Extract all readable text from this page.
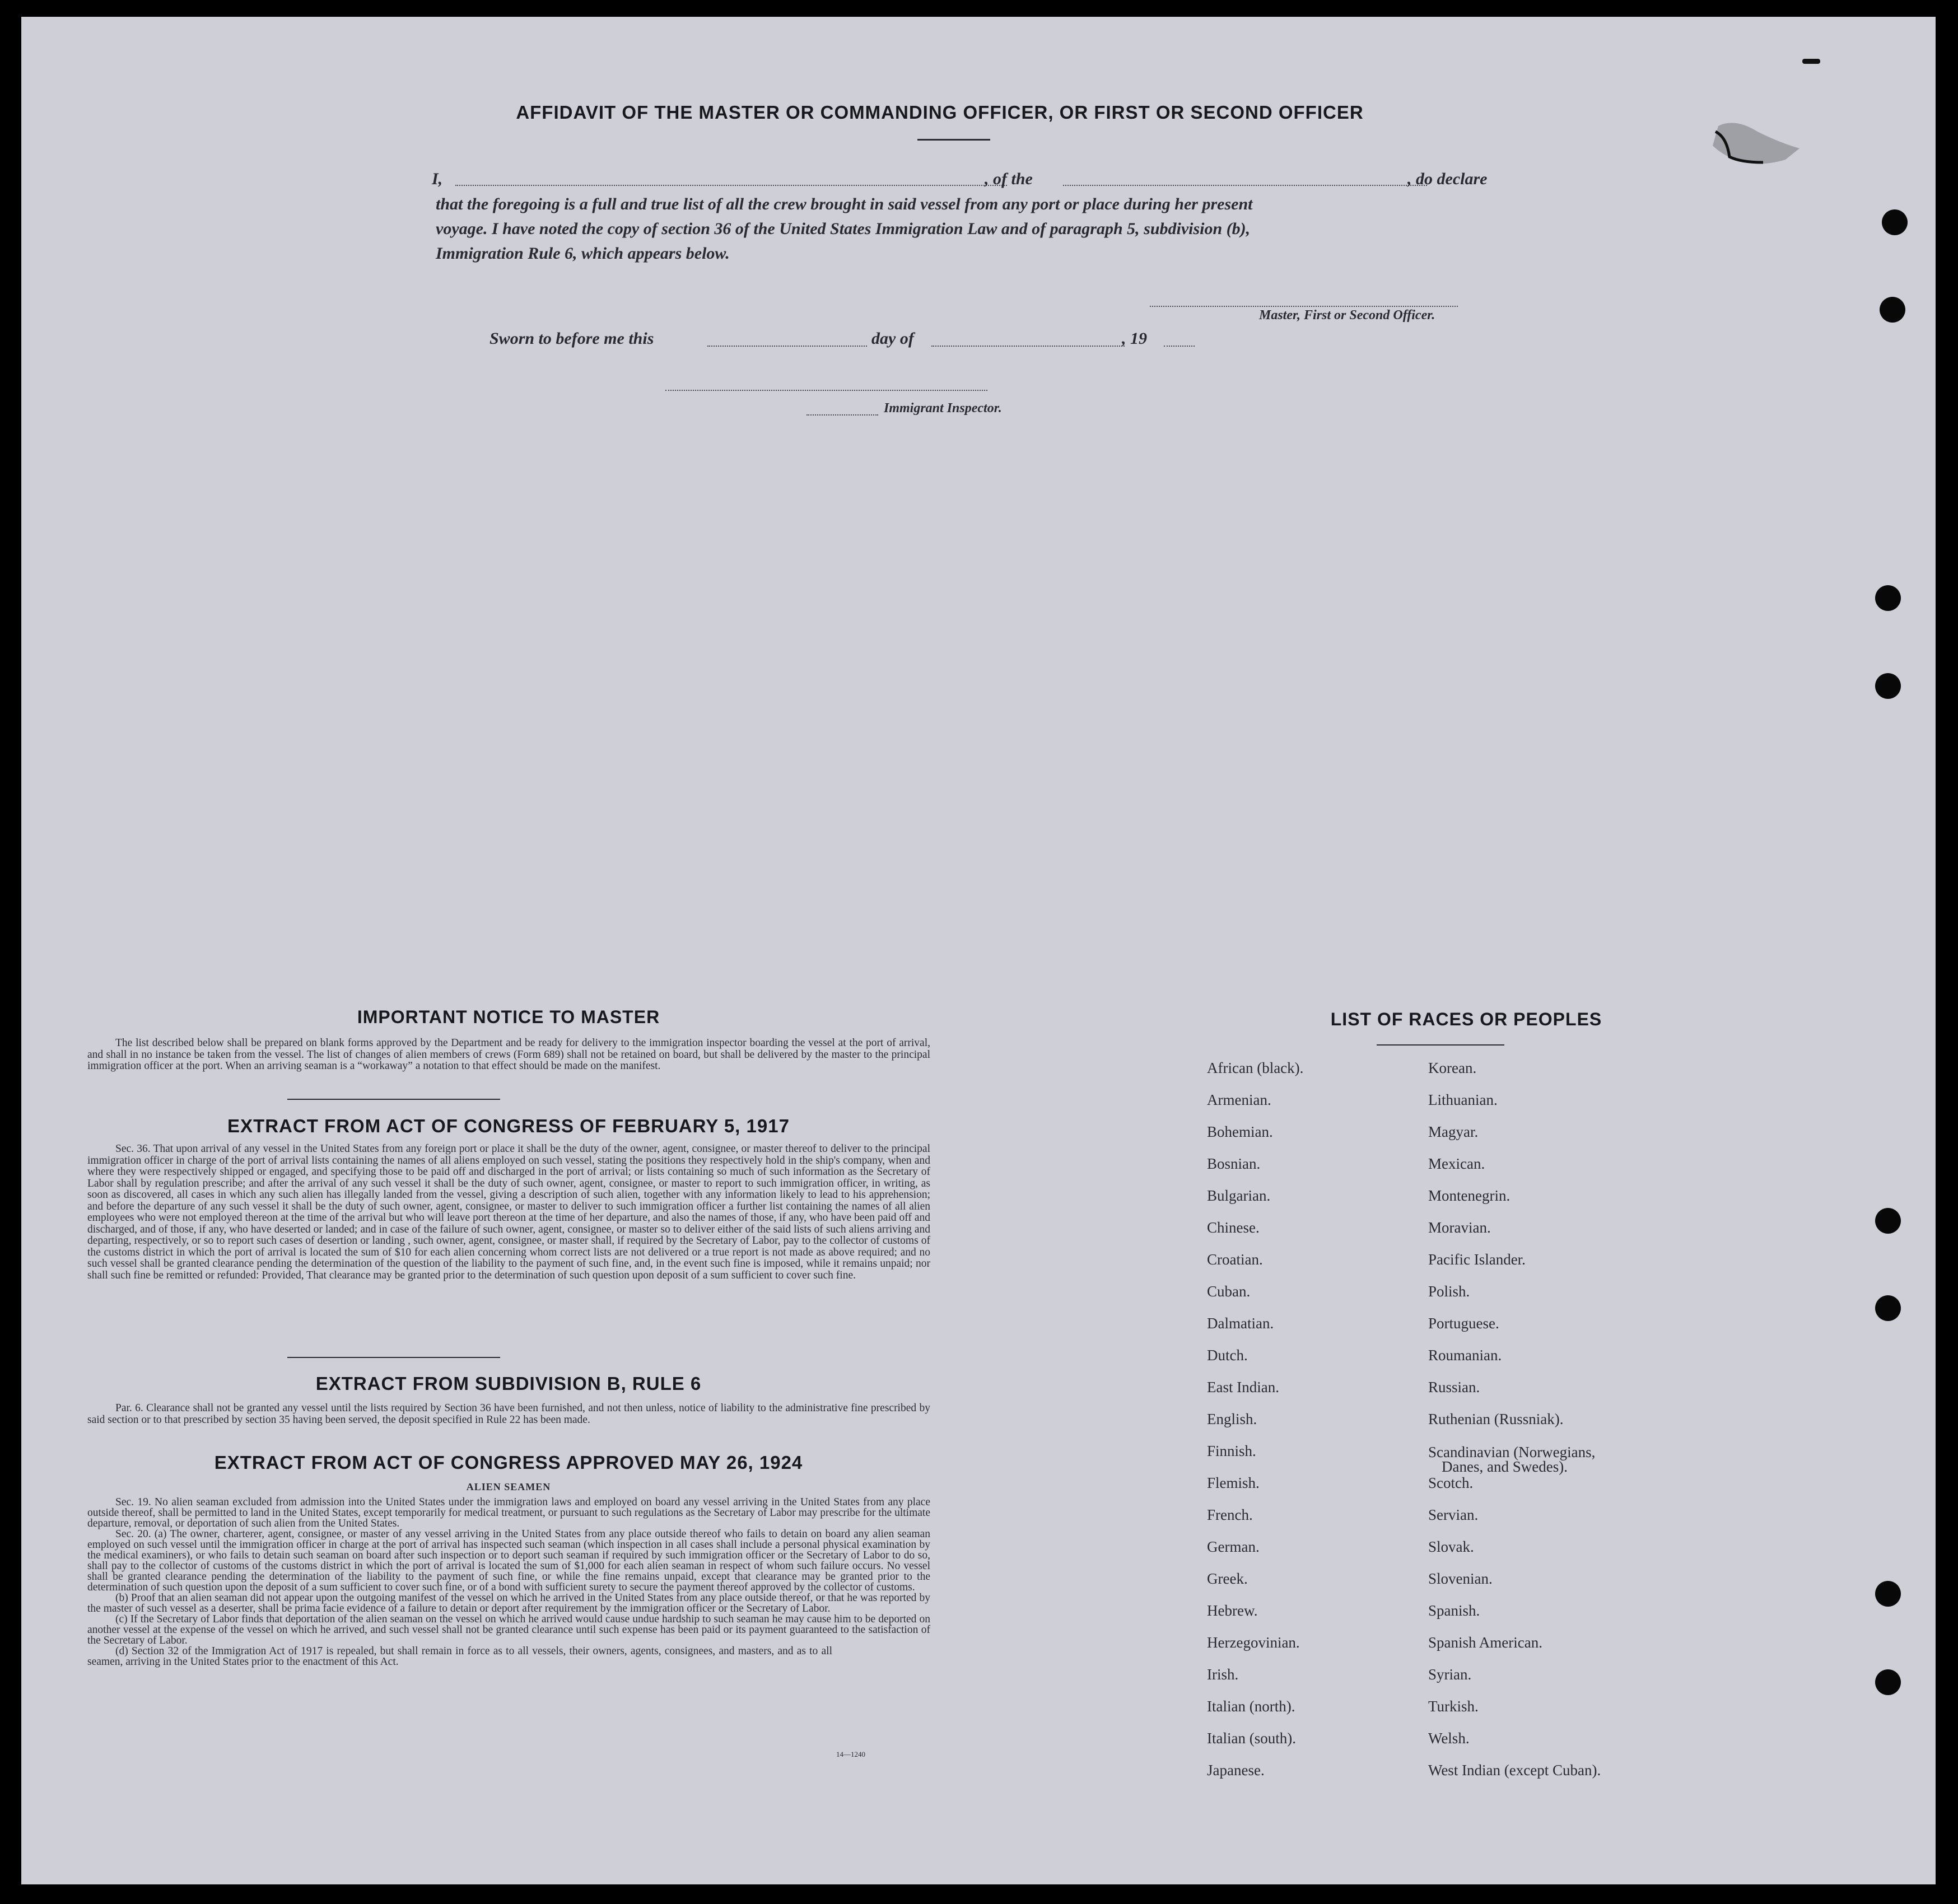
AFFIDAVIT OF THE MASTER OR COMMANDING OFFICER, OR FIRST OR SECOND OFFICER
I,	, of the	, do declare
that the foregoing is a full and true list of all the crew brought in said vessel from any port or place during her present
voyage. I have noted the copy of section 36 of the United States Immigration Law and of paragraph 5, subdivision (b),
Immigration Rule 6, which appears below.
Master, First or Second Officer.
Sworn to before me this	day of	, 19
Immigrant Inspector.
IMPORTANT NOTICE TO MASTER
The list described below shall be prepared on blank forms approved by the Department and be ready for delivery to the immigration inspector boarding the vessel at the port of arrival, and shall in no instance be taken from the vessel. The list of changes of alien members of crews (Form 689) shall not be retained on board, but shall be delivered by the master to the principal immigration officer at the port. When an arriving seaman is a “workaway” a notation to that effect should be made on the manifest.
EXTRACT FROM ACT OF CONGRESS OF FEBRUARY 5, 1917
Sec. 36. That upon arrival of any vessel in the United States from any foreign port or place it shall be the duty of the owner, agent, consignee, or master thereof to deliver to the principal immigration officer in charge of the port of arrival lists containing the names of all aliens employed on such vessel, stating the positions they respectively hold in the ship's company, when and where they were respectively shipped or engaged, and specifying those to be paid off and discharged in the port of arrival; or lists containing so much of such information as the Secretary of Labor shall by regulation prescribe; and after the arrival of any such vessel it shall be the duty of such owner, agent, consignee, or master to report to such immigration officer, in writing, as soon as discovered, all cases in which any such alien has illegally landed from the vessel, giving a description of such alien, together with any information likely to lead to his apprehension; and before the departure of any such vessel it shall be the duty of such owner, agent, consignee, or master to deliver to such immigration officer a further list containing the names of all alien employees who were not employed thereon at the time of the arrival but who will leave port thereon at the time of her departure, and also the names of those, if any, who have been paid off and discharged, and of those, if any, who have deserted or landed; and in case of the failure of such owner, agent, consignee, or master so to deliver either of the said lists of such aliens arriving and departing, respectively, or so to report such cases of desertion or landing , such owner, agent, consignee, or master shall, if required by the Secretary of Labor, pay to the collector of customs of the customs district in which the port of arrival is located the sum of $10 for each alien concerning whom correct lists are not delivered or a true report is not made as above required; and no such vessel shall be granted clearance pending the determination of the question of the liability to the payment of such fine, and, in the event such fine is imposed, while it remains unpaid; nor shall such fine be remitted or refunded: Provided, That clearance may be granted prior to the determination of such question upon deposit of a sum sufficient to cover such fine.
EXTRACT FROM SUBDIVISION B, RULE 6
Par. 6. Clearance shall not be granted any vessel until the lists required by Section 36 have been furnished, and not then unless, notice of liability to the administrative fine prescribed by said section or to that prescribed by section 35 having been served, the deposit specified in Rule 22 has been made.
EXTRACT FROM ACT OF CONGRESS APPROVED MAY 26, 1924
ALIEN SEAMEN
Sec. 19. No alien seaman excluded from admission into the United States under the immigration laws and employed on board any vessel arriving in the United States from any place outside thereof, shall be permitted to land in the United States, except temporarily for medical treatment, or pursuant to such regulations as the Secretary of Labor may prescribe for the ultimate departure, removal, or deportation of such alien from the United States.
Sec. 20. (a) The owner, charterer, agent, consignee, or master of any vessel arriving in the United States from any place outside thereof who fails to detain on board any alien seaman employed on such vessel until the immigration officer in charge at the port of arrival has inspected such seaman (which inspection in all cases shall include a personal physical examination by the medical examiners), or who fails to detain such seaman on board after such inspection or to deport such seaman if required by such immigration officer or the Secretary of Labor to do so, shall pay to the collector of customs of the customs district in which the port of arrival is located the sum of $1,000 for each alien seaman in respect of whom such failure occurs. No vessel shall be granted clearance pending the determination of the liability to the payment of such fine, or while the fine remains unpaid, except that clearance may be granted prior to the determination of such question upon the deposit of a sum sufficient to cover such fine, or of a bond with sufficient surety to secure the payment thereof approved by the collector of customs.
(b) Proof that an alien seaman did not appear upon the outgoing manifest of the vessel on which he arrived in the United States from any place outside thereof, or that he was reported by the master of such vessel as a deserter, shall be prima facie evidence of a failure to detain or deport after requirement by the immigration officer or the Secretary of Labor.
(c) If the Secretary of Labor finds that deportation of the alien seaman on the vessel on which he arrived would cause undue hardship to such seaman he may cause him to be deported on another vessel at the expense of the vessel on which he arrived, and such vessel shall not be granted clearance until such expense has been paid or its payment guaranteed to the satisfaction of the Secretary of Labor.
(d) Section 32 of the Immigration Act of 1917 is repealed, but shall remain in force as to all vessels, their owners, agents, consignees, and masters, and as to all seamen, arriving in the United States prior to the enactment of this Act.
14—1240
LIST OF RACES OR PEOPLES
African (black).
Armenian.
Bohemian.
Bosnian.
Bulgarian.
Chinese.
Croatian.
Cuban.
Dalmatian.
Dutch.
East Indian.
English.
Finnish.
Flemish.
French.
German.
Greek.
Hebrew.
Herzegovinian.
Irish.
Italian (north).
Italian (south).
Japanese.
Korean.
Lithuanian.
Magyar.
Mexican.
Montenegrin.
Moravian.
Pacific Islander.
Polish.
Portuguese.
Roumanian.
Russian.
Ruthenian (Russniak).
Scandinavian (Norwegians,
Danes, and Swedes).
Scotch.
Servian.
Slovak.
Slovenian.
Spanish.
Spanish American.
Syrian.
Turkish.
Welsh.
West Indian (except Cuban).
